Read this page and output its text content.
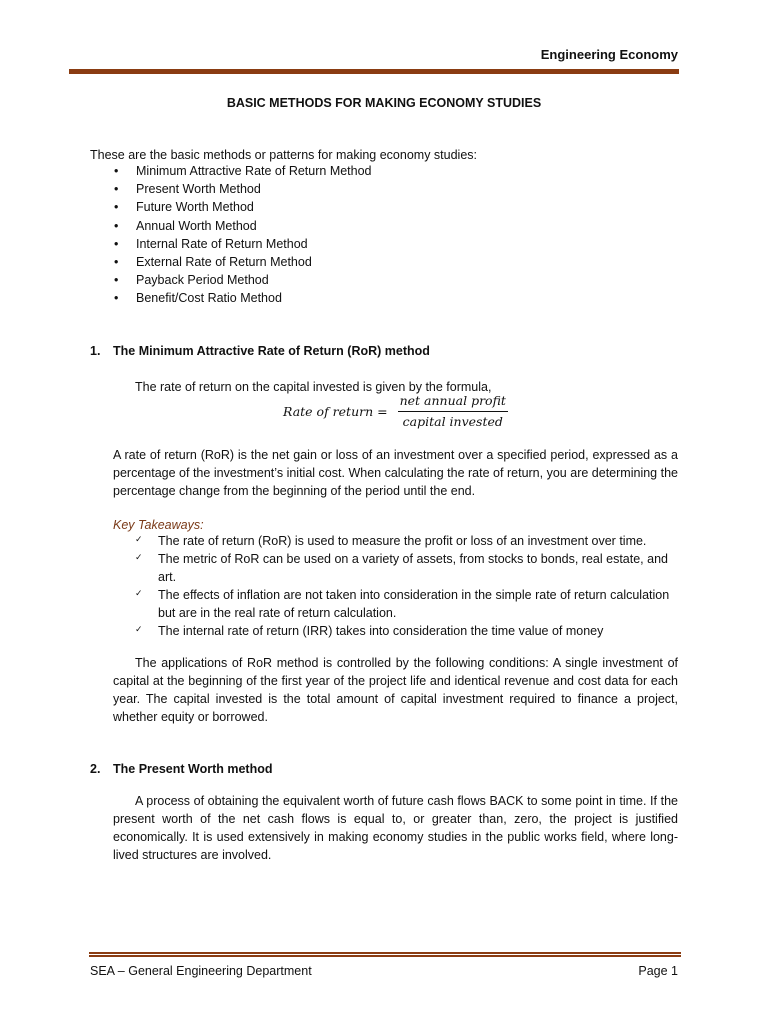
Engineering Economy
BASIC METHODS FOR MAKING ECONOMY STUDIES
These are the basic methods or patterns for making economy studies:
• Minimum Attractive Rate of Return Method
• Present Worth Method
• Future Worth Method
• Annual Worth Method
• Internal Rate of Return Method
• External Rate of Return Method
• Payback Period Method
• Benefit/Cost Ratio Method
1. The Minimum Attractive Rate of Return (RoR) method
The rate of return on the capital invested is given by the formula,
Rate of return = $\frac{\text{net annual profit}}{\text{capital invested}}$
A rate of return (RoR) is the net gain or loss of an investment over a specified period, expressed as a percentage of the investment’s initial cost. When calculating the rate of return, you are determining the percentage change from the beginning of the period until the end.
Key Takeaways:
✓ The rate of return (RoR) is used to measure the profit or loss of an investment over time.
✓ The metric of RoR can be used on a variety of assets, from stocks to bonds, real estate, and art.
✓ The effects of inflation are not taken into consideration in the simple rate of return calculation but are in the real rate of return calculation.
✓ The internal rate of return (IRR) takes into consideration the time value of money
The applications of RoR method is controlled by the following conditions: A single investment of capital at the beginning of the first year of the project life and identical revenue and cost data for each year. The capital invested is the total amount of capital investment required to finance a project, whether equity or borrowed.
2. The Present Worth method
A process of obtaining the equivalent worth of future cash flows BACK to some point in time. If the present worth of the net cash flows is equal to, or greater than, zero, the project is justified economically. It is used extensively in making economy studies in the public works field, where long-lived structures are involved.
SEA – General Engineering Department	Page 1
